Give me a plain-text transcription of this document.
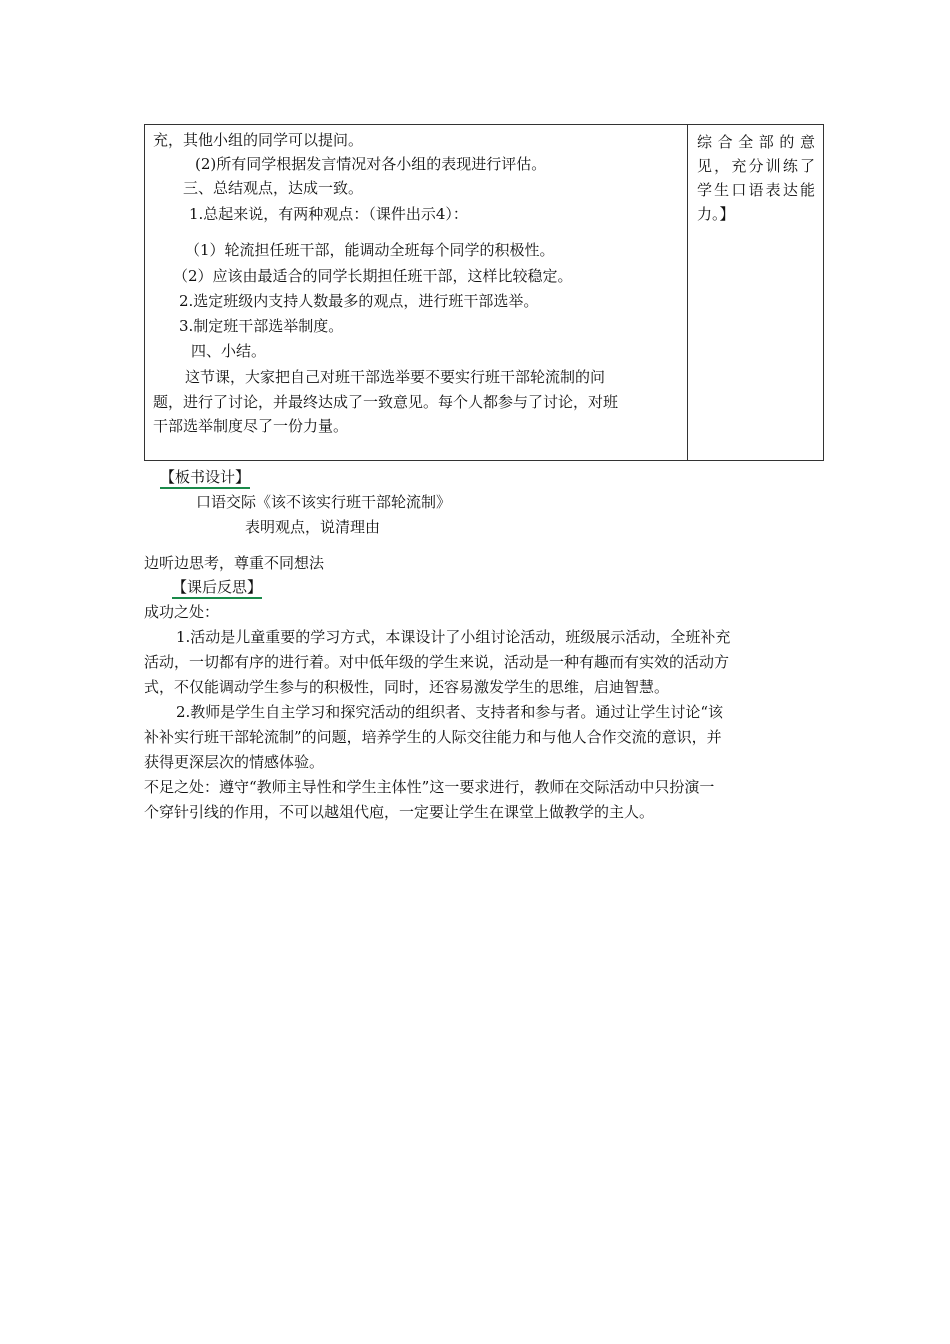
充，其他小组的同学可以提问。
(2)所有同学根据发言情况对各小组的表现进行评估。
三、总结观点，达成一致。
1.总起来说，有两种观点：（课件出示4）：
（1）轮流担任班干部，能调动全班每个同学的积极性。
（2）应该由最适合的同学长期担任班干部，这样比较稳定。
2.选定班级内支持人数最多的观点，进行班干部选举。
3.制定班干部选举制度。
四、小结。
这节课，大家把自己对班干部选举要不要实行班干部轮流制的问
题，进行了讨论，并最终达成了一致意见。每个人都参与了讨论，对班
干部选举制度尽了一份力量。
综合全部的意
见，充分训练了
学生口语表达能
力。】
【板书设计】
口语交际《该不该实行班干部轮流制》
表明观点，说清理由
边听边思考，尊重不同想法
【课后反思】
成功之处：
1.活动是儿童重要的学习方式，本课设计了小组讨论活动，班级展示活动，全班补充
活动，一切都有序的进行着。对中低年级的学生来说，活动是一种有趣而有实效的活动方
式，不仅能调动学生参与的积极性，同时，还容易激发学生的思维，启迪智慧。
2.教师是学生自主学习和探究活动的组织者、支持者和参与者。通过让学生讨论“该
补补实行班干部轮流制”的问题，培养学生的人际交往能力和与他人合作交流的意识，并
获得更深层次的情感体验。
不足之处：遵守“教师主导性和学生主体性”这一要求进行，教师在交际活动中只扮演一
个穿针引线的作用，不可以越俎代庖，一定要让学生在课堂上做教学的主人。
